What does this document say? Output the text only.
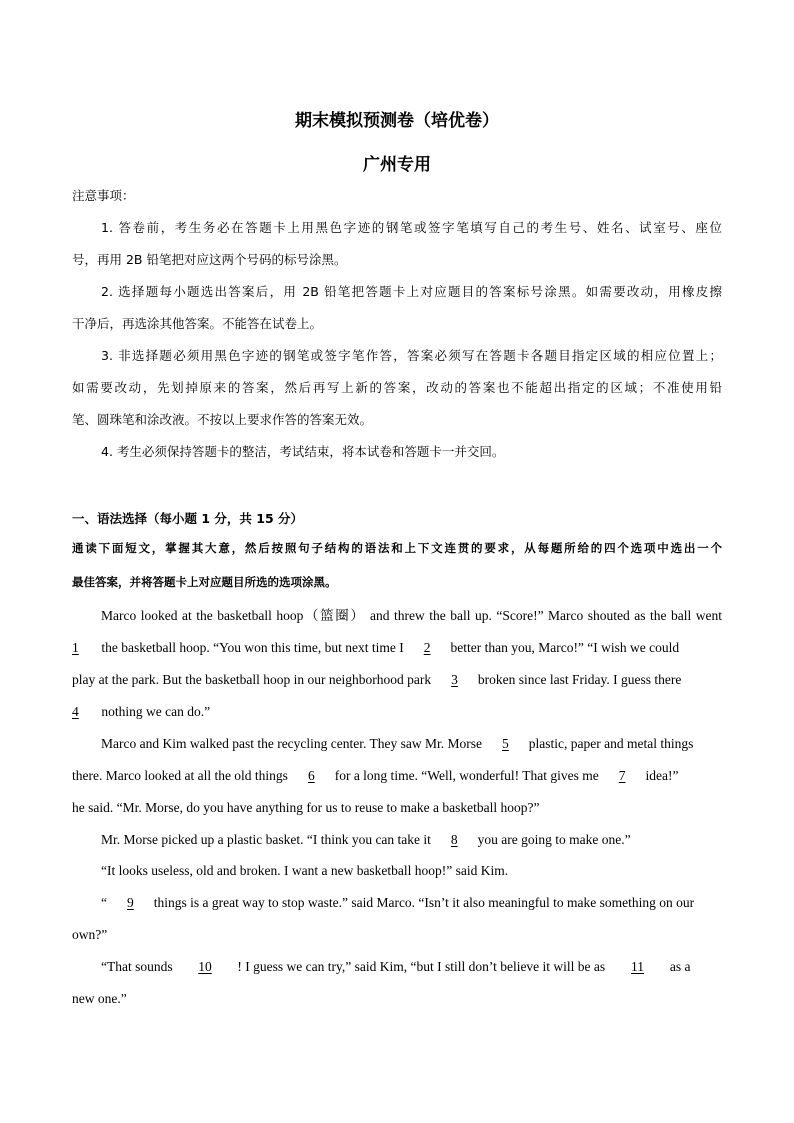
期末模拟预测卷（培优卷）
广州专用
注意事项：
1. 答卷前，考生务必在答题卡上用黑色字迹的钢笔或签字笔填写自己的考生号、姓名、试室号、座位
号，再用 2B 铅笔把对应这两个号码的标号涂黑。
2. 选择题每小题选出答案后，用 2B 铅笔把答题卡上对应题目的答案标号涂黑。如需要改动，用橡皮擦
干净后，再选涂其他答案。不能答在试卷上。
3. 非选择题必须用黑色字迹的钢笔或签字笔作答，答案必须写在答题卡各题目指定区域的相应位置上；
如需要改动，先划掉原来的答案，然后再写上新的答案，改动的答案也不能超出指定的区域；不准使用铅
笔、圆珠笔和涂改液。不按以上要求作答的答案无效。
4. 考生必须保持答题卡的整洁，考试结束，将本试卷和答题卡一并交回。
一、语法选择（每小题 1 分，共 15 分）
通读下面短文，掌握其大意，然后按照句子结构的语法和上下文连贯的要求，从每题所给的四个选项中选出一个
最佳答案，并将答题卡上对应题目所选的选项涂黑。
Marco looked at the basketball hoop（篮圈） and threw the ball up. “Score!” Marco shouted as the ball went
1 the basketball hoop. “You won this time, but next time I 2 better than you, Marco!” “I wish we could
play at the park. But the basketball hoop in our neighborhood park 3 broken since last Friday. I guess there
4 nothing we can do.”
Marco and Kim walked past the recycling center. They saw Mr. Morse 5 plastic, paper and metal things
there. Marco looked at all the old things 6 for a long time. “Well, wonderful! That gives me 7 idea!”
he said. “Mr. Morse, do you have anything for us to reuse to make a basketball hoop?”
Mr. Morse picked up a plastic basket. “I think you can take it 8 you are going to make one.”
“It looks useless, old and broken. I want a new basketball hoop!” said Kim.
“ 9 things is a great way to stop waste.” said Marco. “Isn’t it also meaningful to make something on our
own?”
“That sounds 10 ! I guess we can try,” said Kim, “but I still don’t believe it will be as 11 as a
new one.”
